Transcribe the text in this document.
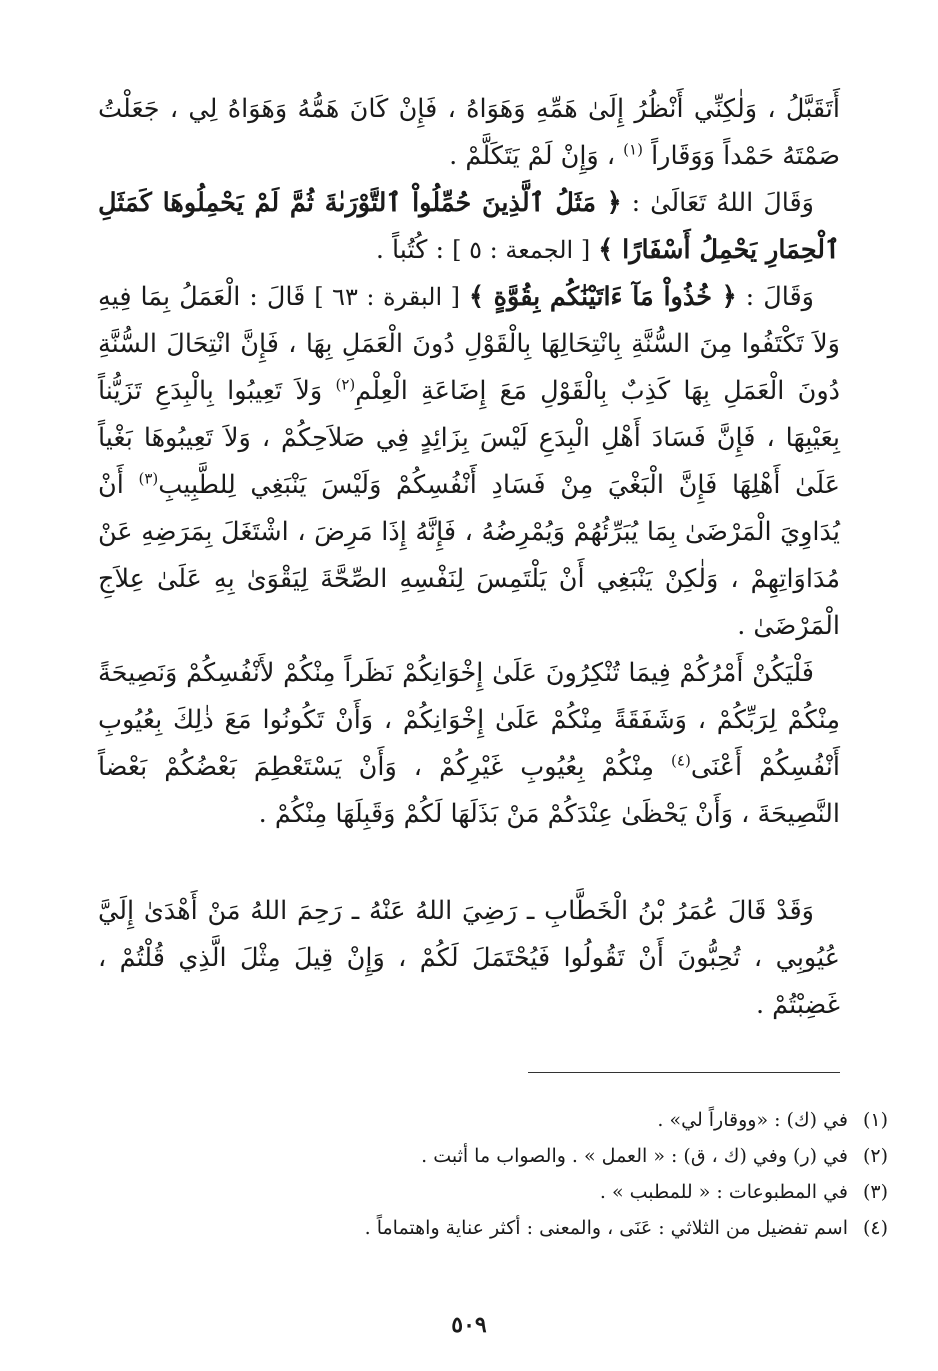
أَتَقَبَّلُ ، وَلٰكِنِّي أَنْظُرُ إِلَىٰ هَمِّهِ وَهَوَاهُ ، فَإِنْ كَانَ هَمُّهُ وَهَوَاهُ لِي ، جَعَلْتُ صَمْتَهُ حَمْداً وَوَقَاراً $^{(١)}$ ، وَإِنْ لَمْ يَتَكَلَّمْ .

وَقَالَ اللهُ تَعَالَىٰ : ﴿ مَثَلُ ٱلَّذِينَ حُمِّلُواْ ٱلتَّوْرَىٰةَ ثُمَّ لَمْ يَحْمِلُوهَا كَمَثَلِ ٱلْحِمَارِ يَحْمِلُ أَسْفَارًا ﴾ [ الجمعة : ٥ ] : كُتُباً .

وَقَالَ : ﴿ خُذُواْ مَآ ءَاتَيْنَٰكُم بِقُوَّةٍ ﴾ [ البقرة : ٦٣ ] قَالَ : الْعَمَلُ بِمَا فِيهِ وَلاَ تَكْتَفُوا مِنَ السُّنَّةِ بِانْتِحَالِهَا بِالْقَوْلِ دُونَ الْعَمَلِ بِهَا ، فَإِنَّ انْتِحَالَ السُّنَّةِ دُونَ الْعَمَلِ بِهَا كَذِبٌ بِالْقَوْلِ مَعَ إِضَاعَةِ الْعِلْمِ$^{(٢)}$ وَلاَ تَعِيبُوا بِالْبِدَعِ تَزَيُّناً بِعَيْبِهَا ، فَإِنَّ فَسَادَ أَهْلِ الْبِدَعِ لَيْسَ بِزَائِدٍ فِي صَلاَحِكُمْ ، وَلاَ تَعِيبُوهَا بَغْياً عَلَىٰ أَهْلِهَا فَإِنَّ الْبَغْيَ مِنْ فَسَادِ أَنْفُسِكُمْ وَلَيْسَ يَنْبَغِي لِلطَّبِيبِ$^{(٣)}$ أَنْ يُدَاوِيَ الْمَرْضَىٰ بِمَا يُبَرِّئُهُمْ وَيُمْرِضُهُ ، فَإِنَّهُ إِذَا مَرِضَ ، اشْتَغَلَ بِمَرَضِهِ عَنْ مُدَاوَاتِهِمْ ، وَلٰكِنْ يَنْبَغِي أَنْ يَلْتَمِسَ لِنَفْسِهِ الصِّحَّةَ لِيَقْوَىٰ بِهِ عَلَىٰ عِلاَجِ الْمَرْضَىٰ .

فَلْيَكُنْ أَمْرُكُمْ فِيمَا تُنْكِرُونَ عَلَىٰ إِخْوَانِكُمْ نَظَراً مِنْكُمْ لأَنْفُسِكُمْ وَنَصِيحَةً مِنْكُمْ لِرَبِّكُمْ ، وَشَفَقَةً مِنْكُمْ عَلَىٰ إِخْوَانِكُمْ ، وَأَنْ تَكُونُوا مَعَ ذٰلِكَ بِعُيُوبِ أَنْفُسِكُمْ أَعْنَى$^{(٤)}$ مِنْكُمْ بِعُيُوبِ غَيْرِكُمْ ، وَأَنْ يَسْتَعْطِمَ بَعْضُكُمْ بَعْضاً النَّصِيحَةَ ، وَأَنْ يَحْظَىٰ عِنْدَكُمْ مَنْ بَذَلَهَا لَكُمْ وَقَبِلَهَا مِنْكُمْ .

وَقَدْ قَالَ عُمَرُ بْنُ الْخَطَّابِ ـ رَضِيَ اللهُ عَنْهُ ـ رَحِمَ اللهُ مَنْ أَهْدَىٰ إِلَيَّ عُيُوبِي ، تُحِبُّونَ أَنْ تَقُولُوا فَيُحْتَمَلَ لَكُمْ ، وَإِنْ قِيلَ مِثْلَ الَّذِي قُلْتُمْ ، غَضِبْتُمْ .

(١)
في (ك) : «ووقاراً لي» .

(٢)
في (ر) وفي (ك ، ق) : « العمل » . والصواب ما أثبت .

(٣)
في المطبوعات : « للمطبب » .

(٤)
اسم تفضيل من الثلاثي : عَنَى ، والمعنى : أكثر عناية واهتماماً .

٥٠٩
